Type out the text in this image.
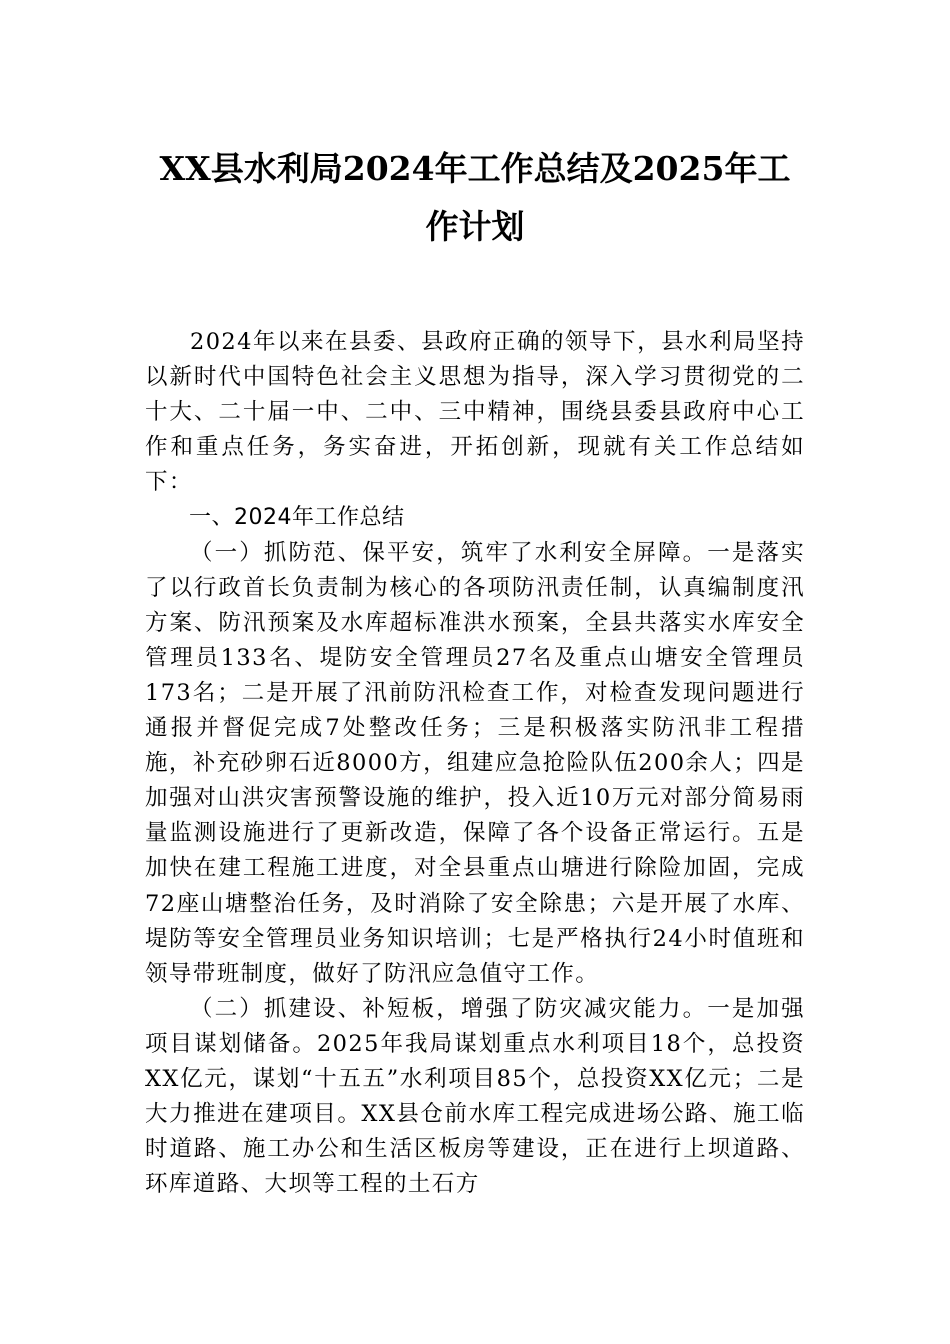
XX县水利局2024年工作总结及2025年工作计划

2024年以来在县委、县政府正确的领导下，县水利局坚持以新时代中国特色社会主义思想为指导，深入学习贯彻党的二十大、二十届一中、二中、三中精神，围绕县委县政府中心工作和重点任务，务实奋进，开拓创新，现就有关工作总结如下：

一、2024年工作总结

（一）抓防范、保平安，筑牢了水利安全屏障。一是落实了以行政首长负责制为核心的各项防汛责任制，认真编制度汛方案、防汛预案及水库超标准洪水预案，全县共落实水库安全管理员133名、堤防安全管理员27名及重点山塘安全管理员173名；二是开展了汛前防汛检查工作，对检查发现问题进行通报并督促完成7处整改任务；三是积极落实防汛非工程措施，补充砂卵石近8000方，组建应急抢险队伍200余人；四是加强对山洪灾害预警设施的维护，投入近10万元对部分简易雨量监测设施进行了更新改造，保障了各个设备正常运行。五是加快在建工程施工进度，对全县重点山塘进行除险加固，完成72座山塘整治任务，及时消除了安全除患；六是开展了水库、堤防等安全管理员业务知识培训；七是严格执行24小时值班和领导带班制度，做好了防汛应急值守工作。

（二）抓建设、补短板，增强了防灾减灾能力。一是加强项目谋划储备。2025年我局谋划重点水利项目18个，总投资XX亿元，谋划“十五五”水利项目85个，总投资XX亿元；二是大力推进在建项目。XX县仓前水库工程完成进场公路、施工临时道路、施工办公和生活区板房等建设，正在进行上坝道路、环库道路、大坝等工程的土石方
